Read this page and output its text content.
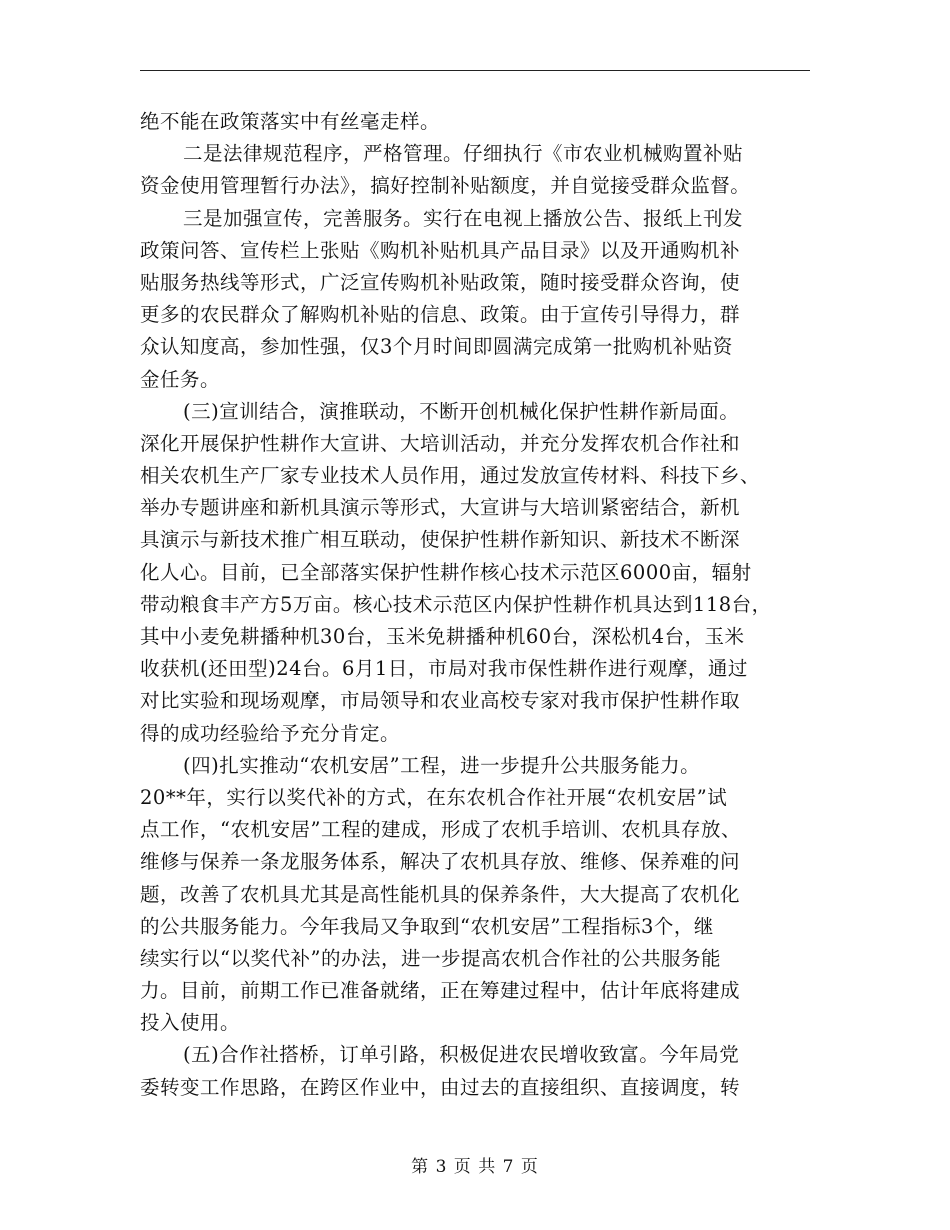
绝不能在政策落实中有丝毫走样。
二是法律规范程序，严格管理。仔细执行《市农业机械购置补贴
资金使用管理暂行办法》，搞好控制补贴额度，并自觉接受群众监督。
三是加强宣传，完善服务。实行在电视上播放公告、报纸上刊发
政策问答、宣传栏上张贴《购机补贴机具产品目录》以及开通购机补
贴服务热线等形式，广泛宣传购机补贴政策，随时接受群众咨询，使
更多的农民群众了解购机补贴的信息、政策。由于宣传引导得力，群
众认知度高，参加性强，仅3个月时间即圆满完成第一批购机补贴资
金任务。
(三)宣训结合，演推联动，不断开创机械化保护性耕作新局面。
深化开展保护性耕作大宣讲、大培训活动，并充分发挥农机合作社和
相关农机生产厂家专业技术人员作用，通过发放宣传材料、科技下乡、
举办专题讲座和新机具演示等形式，大宣讲与大培训紧密结合，新机
具演示与新技术推广相互联动，使保护性耕作新知识、新技术不断深
化人心。目前，已全部落实保护性耕作核心技术示范区6000亩，辐射
带动粮食丰产方5万亩。核心技术示范区内保护性耕作机具达到118台，
其中小麦免耕播种机30台，玉米免耕播种机60台，深松机4台，玉米
收获机(还田型)24台。6月1日，市局对我市保性耕作进行观摩，通过
对比实验和现场观摩，市局领导和农业高校专家对我市保护性耕作取
得的成功经验给予充分肯定。
(四)扎实推动“农机安居”工程，进一步提升公共服务能力。
20**年，实行以奖代补的方式，在东农机合作社开展“农机安居”试
点工作，“农机安居”工程的建成，形成了农机手培训、农机具存放、
维修与保养一条龙服务体系，解决了农机具存放、维修、保养难的问
题，改善了农机具尤其是高性能机具的保养条件，大大提高了农机化
的公共服务能力。今年我局又争取到“农机安居”工程指标3个，继
续实行以“以奖代补”的办法，进一步提高农机合作社的公共服务能
力。目前，前期工作已准备就绪，正在筹建过程中，估计年底将建成
投入使用。
(五)合作社搭桥，订单引路，积极促进农民增收致富。今年局党
委转变工作思路，在跨区作业中，由过去的直接组织、直接调度，转
第 3 页 共 7 页
